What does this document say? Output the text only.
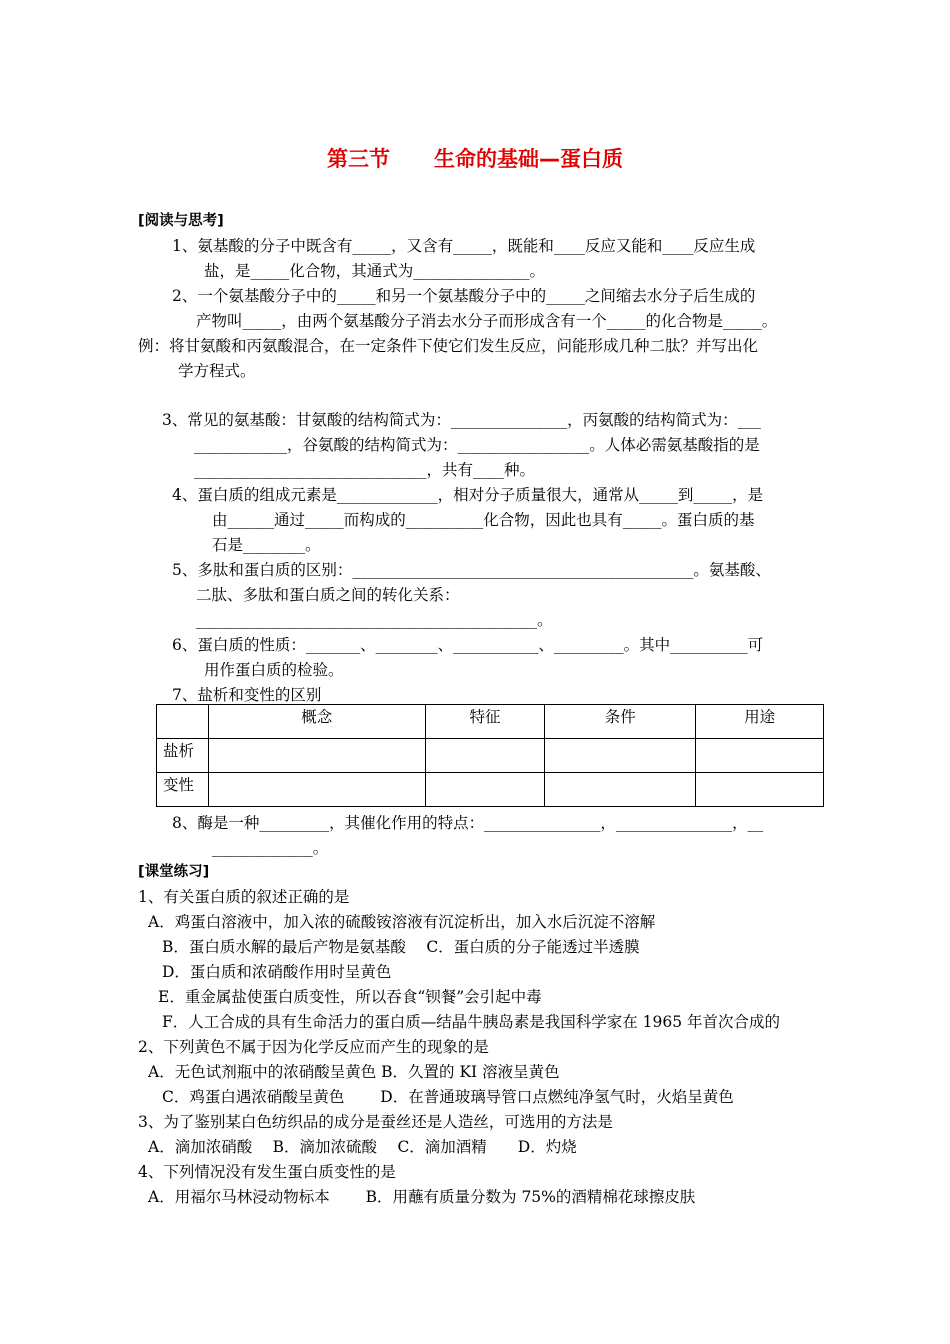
第三节 生命的基础—蛋白质
[阅读与思考]
1、氨基酸的分子中既含有_____，又含有_____，既能和____反应又能和____反应生成
盐，是_____化合物，其通式为_______________。
2、一个氨基酸分子中的_____和另一个氨基酸分子中的_____之间缩去水分子后生成的
产物叫_____，由两个氨基酸分子消去水分子而形成含有一个_____的化合物是_____。
例：将甘氨酸和丙氨酸混合，在一定条件下使它们发生反应，问能形成几种二肽？并写出化
学方程式。
3、常见的氨基酸：甘氨酸的结构简式为：_______________，丙氨酸的结构简式为：___
____________，谷氨酸的结构简式为：_________________。人体必需氨基酸指的是
______________________________，共有____种。
4、蛋白质的组成元素是_____________，相对分子质量很大，通常从_____到_____，是
由______通过_____而构成的__________化合物，因此也具有_____。蛋白质的基
石是________。
5、多肽和蛋白质的区别：____________________________________________。氨基酸、
二肽、多肽和蛋白质之间的转化关系：
____________________________________________。
6、蛋白质的性质：_______、________、___________、_________。其中__________可
用作蛋白质的检验。
7、盐析和变性的区别
	概念	特征	条件	用途
盐析				
变性				
8、酶是一种_________，其催化作用的特点：_______________，_______________，__
_____________。
[课堂练习]
1、有关蛋白质的叙述正确的是
A．鸡蛋白溶液中，加入浓的硫酸铵溶液有沉淀析出，加入水后沉淀不溶解
B．蛋白质水解的最后产物是氨基酸　 C．蛋白质的分子能透过半透膜
D．蛋白质和浓硝酸作用时呈黄色
E．重金属盐使蛋白质变性，所以吞食“钡餐”会引起中毒
F．人工合成的具有生命活力的蛋白质—结晶牛胰岛素是我国科学家在 1965 年首次合成的
2、下列黄色不属于因为化学反应而产生的现象的是
A．无色试剂瓶中的浓硝酸呈黄色 B．久置的 KI 溶液呈黄色
C．鸡蛋白遇浓硝酸呈黄色　　 D．在普通玻璃导管口点燃纯净氢气时，火焰呈黄色
3、为了鉴别某白色纺织品的成分是蚕丝还是人造丝，可选用的方法是
A．滴加浓硝酸　 B．滴加浓硫酸　 C．滴加酒精　　D．灼烧
4、下列情况没有发生蛋白质变性的是
A．用福尔马林浸动物标本　　 B．用蘸有质量分数为 75%的酒精棉花球擦皮肤
